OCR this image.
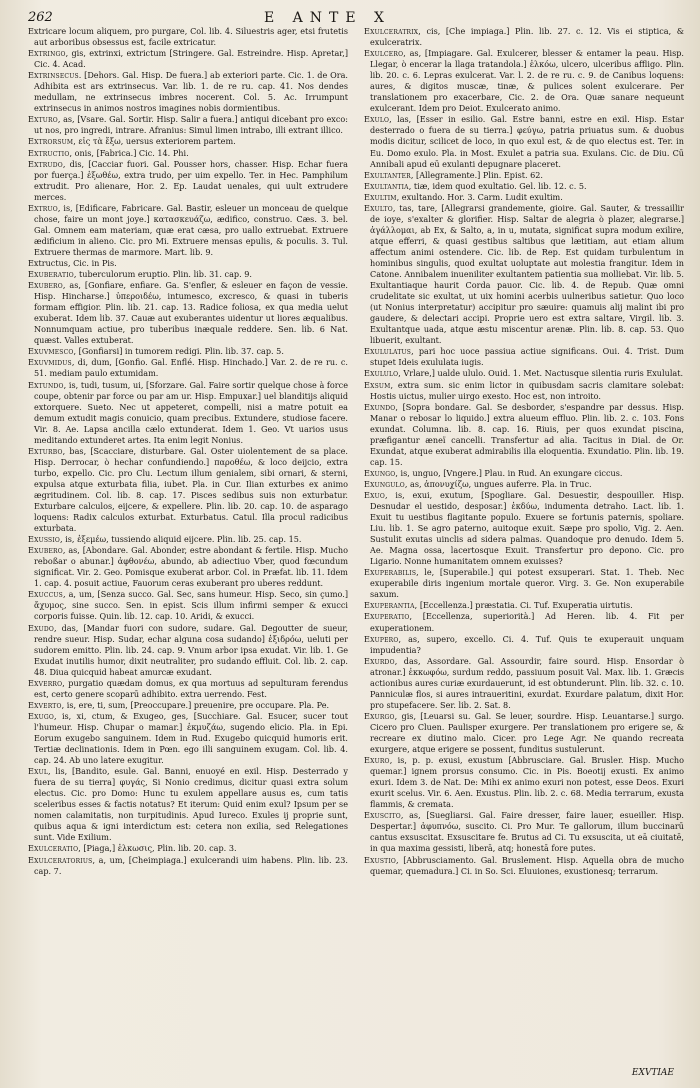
262	E ANTE X

Extricare locum aliquem, pro purgare, Col. lib. 4. Siluestris ager, etsi frutetis aut arboribus obsessus est, facile extricatur.

Extringo, gis, extrinxi, extrictum [Stringere. Gal. Estreindre. Hisp. Apretar,] Cic. 4. Acad.

Extrinsecus. [Dehors. Gal. Hisp. De fuera.] ab exteriori parte. Cic. 1. de Ora. Adhibita est ars extrinsecus. Var. lib. 1. de re ru. cap. 41. Nos dendes medullam, ne extrinsecus imbres nocerent. Col. 5. Ac. Irrumpunt extrinsecus in animos nostros imagines nobis dormientibus.

Exturo, as, [Vsare. Gal. Sortir. Hisp. Salir a fuera.] antiqui dicebant pro exco: ut nos, pro ingredi, intrare. Afranius: Simul limen intrabo, illi extrant illico.

Extrorsum, εἰς τὰ ἔξω, uersus exteriorem partem.

Extructio, onis, [Fabrica.] Cic. 14. Phi.

Extrudo, dis, [Cacciar fuori. Gal. Pousser hors, chasser. Hisp. Echar fuera por fuerça.] ἐξωθέω, extra trudo, per uim expello. Ter. in Hec. Pamphilum extrudit. Pro alienare, Hor. 2. Ep. Laudat uenales, qui uult extrudere merces.

Extruo, is, [Edificare, Fabricare. Gal. Bastir, esleuer un monceau de quelque chose, faire un mont joye.] κατασκευάζω, ædifico, construo. Cæs. 3. bel. Gal. Omnem eam materiam, quæ erat cæsa, pro uallo extruebat. Extruere ædificium in alieno. Cic. pro Mi. Extruere mensas epulis, & poculis. 3. Tul. Extruere thermas de marmore. Mart. lib. 9.

Extructus, Cic. in Pis.

Exuberatio, tuberculorum eruptio. Plin. lib. 31. cap. 9.

Exubero, as, [Gonfiare, enfiare. Ga. S'enfler, & esleuer en façon de vessie. Hisp. Hincharse.] ὑπεροιδέω, intumesco, excresco, & quasi in tuberis formam effigior. Plin. lib. 21. cap. 13. Radice foliosa, ex qua media uelut exuberat. Idem lib. 37. Cauæ aut exuberantes uidentur ut liores æqualibus. Nonnumquam actiue, pro tuberibus inæquale reddere. Sen. lib. 6 Nat. quæst. Valles extuberat.

Exuvmesco, [Gonfiarsi] in tumorem redigi. Plin. lib. 37. cap. 5.

Exuvmidus, di, dum, [Gonfio. Gal. Enflé. Hisp. Hinchado.] Var. 2. de re ru. c. 51. mediam paulo extumidam.

Extundo, is, tudi, tusum, ui, [Sforzare. Gal. Faire sortir quelque chose à force coupe, obtenir par force ou par am ur. Hisp. Empuxar.] uel blanditijs aliquid extorquere. Sueto. Nec ut appeteret, compelli, nisi a matre potuit ea demum extudit magis conuicio, quam precibus. Extundere, studiose facere. Vir. 8. Ae. Lapsa ancilla cælo extunderat. Idem 1. Geo. Vt uarios usus meditando extunderet artes. Ita enim legit Nonius.

Exturbo, bas, [Scacciare, disturbare. Gal. Oster uiolentement de sa place. Hisp. Derrocar, ò hechar confundiendo.] παροθέω, & loco deijcio, extra turbo, expello. Cic. pro Clu. Lectum illum genialem, sibi ornari, & sterni, expulsa atque exturbata filia, iubet. Pla. in Cur. Ilian exturbes ex animo ægritudinem. Col. lib. 8. cap. 17. Pisces sedibus suis non exturbatur. Exturbare calculos, eijcere, & expellere. Plin. lib. 20. cap. 10. de asparago loquens: Radix calculos exturbat. Exturbatus. Catul. Illa procul radicibus exturbata.

Exussio, is, ἐξεμέω, tussiendo aliquid eijcere. Plin. lib. 25. cap. 15.

Exubero, as, [Abondare. Gal. Abonder, estre abondant & fertile. Hisp. Mucho reboßar o abunar.] ἀφθονέω, abundo, ab adiectiuo Vber, quod fœcundum significat. Vir. 2. Geo. Pomisque exuberat arbor. Col. in Præfat. lib. 11. Idem 1. cap. 4. posuit actiue, Fauorum ceras exuberant pro uberes reddunt.

Exuccus, a, um, [Senza succo. Gal. Sec, sans humeur. Hisp. Seco, sin çumo.] ἄχυμος, sine succo. Sen. in epist. Scis illum infirmi semper & exucci corporis fuisse. Quin. lib. 12. cap. 10. Aridi, & exucci.

Exudo, das, [Mandar fuori con sudore, sudare. Gal. Degoutter de sueur, rendre sueur. Hisp. Sudar, echar alguna cosa sudando] ἐξιδρόω, ueluti per sudorem emitto. Plin. lib. 24. cap. 9. Vnum arbor ipsa exudat. Vir. lib. 1. Ge Exudat inutilis humor, dixit neutraliter, pro sudando effluit. Col. lib. 2. cap. 48. Diua quicquid habeat amurcæ exudant.

Exverro, purgatio quædam domus, ex qua mortuus ad sepulturam ferendus est, certo genere scoparū adhibito. extra uerrendo. Fest.

Exverto, is, ere, ti, sum, [Preoccupare.] preuenire, pre occupare. Pla. Pe.

Exugo, is, xi, ctum, & Exugeo, ges, [Succhiare. Gal. Esucer, sucer tout l'humeur. Hisp. Chupar o mamar.] ἐκμυζάω, sugendo elicio. Pla. in Epi. Eorum exugebo sanguinem. Idem in Rud. Exugebo quicquid humoris erit. Tertiæ declinationis. Idem in Pœn. ego illi sanguinem exugam. Col. lib. 4. cap. 24. Ab uno latere exugitur.

Exul, lis, [Bandito, esule. Gal. Banni, enuoyé en exil. Hisp. Desterrado y fuera de su tierra] φυγάς, Si Nonio credimus, dicitur quasi extra solum electus. Cic. pro Domo: Hunc tu exulem appellare ausus es, cum tatis sceleribus esses & factis notatus? Et iterum: Quid enim exul? Ipsum per se nomen calamitatis, non turpitudinis. Apud Iureco. Exules ij proprie sunt, quibus aqua & igni interdictum est: cetera non exilia, sed Relegationes sunt. Vide Exilium.

Exulceratio, [Piaga,] ἑλκωσις, Plin. lib. 20. cap. 3.

Exulceratorius, a, um, [Cheimpiaga.] exulcerandi uim habens. Plin. lib. 23. cap. 7.

Exulceratrix, cis, [Che impiaga.] Plin. lib. 27. c. 12. Vis ei stiptica, & exulceratrix.

Exulcero, as, [Impiagare. Gal. Exulcerer, blesser & entamer la peau. Hisp. Llegar, ò encerar la llaga tratandola.] ἑλκόω, ulcero, ulceribus affligo. Plin. lib. 20. c. 6. Lepras exulcerat. Var. l. 2. de re ru. c. 9. de Canibus loquens: aures, & digitos muscæ, tinæ, & pulices solent exulcerare. Per translationem pro exacerbare, Cic. 2. de Ora. Quæ sanare nequeunt exulcerant. Idem pro Deiot. Exulcerato animo.

Exulo, las, [Esser in esilio. Gal. Estre banni, estre en exil. Hisp. Estar desterrado o fuera de su tierra.] φεύγω, patria priuatus sum. & duobus modis dicitur, scilicet de loco, in quo exul est, & de quo electus est. Ter. in Eu. Domo exulo. Pla. in Most. Exulet a patria sua. Exulans. Cic. de Diu. Cū Annibali apud eū exulanti depugnare placeret.

Exultanter, [Allegramente.] Plin. Epist. 62.

Exultantia, tiæ, idem quod exultatio. Gel. lib. 12. c. 5.

Exultim, exultando. Hor. 3. Carm. Ludit exultim.

Exulto, tas, tare, [Allegrarsi grandemente, gioire. Gal. Sauter, & tressaillir de ioye, s'exalter & glorifier. Hisp. Saltar de alegria ò plazer, alegrarse.] ἀγάλλομαι, ab Ex, & Salto, a, in u, mutata, significat supra modum exilire, atque efferri, & quasi gestibus saltibus que lætitiam, aut etiam alium affectum animi ostendere. Cic. lib. de Rep. Est quidam turbulentum in hominibus singulis, quod exultat uoluptate aut molestia frangitur. Idem in Catone. Annibalem inueniliter exultantem patientia sua molliebat. Vir. lib. 5. Exultantiaque haurit Corda pauor. Cic. lib. 4. de Repub. Quæ omni crudelitate sic exultat, ut uix homini acerbis uulneribus satietur. Quo loco (ut Nonius interpretatur) accipitur pro sæuire: quamuis alij malint ibi pro gaudere, & delectari accipi. Proprie uero est extra saltare, Virgil. lib. 3. Exultantque uada, atque æstu miscentur arenæ. Plin. lib. 8. cap. 53. Quo libuerit, exultant.

Exululatus, pari hoc uoce passiua actiue significans. Oui. 4. Trist. Dum stupet Ideis exululata iugis.

Exululo, Vrlare,] ualde ululo. Ouid. 1. Met. Nactusque silentia ruris Exululat.

Exsum, extra sum. sic enim lictor in quibusdam sacris clamitare solebat: Hostis uictus, mulier uirgo exesto. Hoc est, non introito.

Exundo, [Sopra bondare. Gal. Se desborder, s'espandre par dessus. Hisp. Manar o rebosar lo liquido.] extra alueum effluo. Plin. lib. 2. c. 103. Fons exundat. Columna. lib. 8. cap. 16. Riuis, per quos exundat piscina, præfigantur æneï cancelli. Transfertur ad alia. Tacitus in Dial. de Or. Exundat, atque exuberat admirabilis illa eloquentia. Exundatio. Plin. lib. 19. cap. 15.

Exungo, is, unguo, [Vngere.] Plau. in Rud. An exungare ciccus.

Exungulo, as, ἀπονυχίζω, ungues auferre. Pla. in Truc.

Exuo, is, exui, exutum, [Spogliare. Gal. Desuestir, despouiller. Hisp. Desnudar el uestido, desposar.] ἐκδύω, indumenta detraho. Lact. lib. 1. Exuit tu uestibus flagitante populo. Exuere se fortunis paternis, spoliare. Liu. lib. 1. Se agro paterno, auitoque exuit. Sæpe pro spolio, Vig. 2. Aen. Sustulit exutas uinclis ad sidera palmas. Quandoque pro denudo. Idem 5. Ae. Magna ossa, lacertosque Exuit. Transfertur pro depono. Cic. pro Ligario. Nonne humanitatem omnem exuisses?

Exuperabilis, le, [Superabile.] qui potest exsuperari. Stat. 1. Theb. Nec exuperabile diris ingenium mortale queror. Virg. 3. Ge. Non exuperabile saxum.

Exuperantia, [Eccellenza.] præstatia. Ci. Tuf. Exuperatia uirtutis.

Exuperatio, [Eccellenza, superiorità.] Ad Heren. lib. 4. Fit per exuperationem.

Exupero, as, supero, excello. Ci. 4. Tuf. Quis te exuperauit unquam impudentia?

Exurdo, das, Assordare. Gal. Assourdir, faire sourd. Hisp. Ensordar ò atronar.] ἐκκωφόω, surdum reddo, passiuum posuit Val. Max. lib. 1. Græcis actionibus aures curiæ exurdauerunt, id est obtunderunt. Plin. lib. 32. c. 10. Panniculæ flos, si aures intraueritini, exurdat. Exurdare palatum, dixit Hor. pro stupefacere. Ser. lib. 2. Sat. 8.

Exurgo, gis, [Leuarsi su. Gal. Se leuer, sourdre. Hisp. Leuantarse.] surgo. Cicero pro Cluen. Paulisper exurgere. Per translationem pro erigere se, & recreare ex diutino malo. Cicer. pro Lege Agr. Ne quando recreata exurgere, atque erigere se possent, funditus sustulerunt.

Exuro, is, p. p. exusi, exustum [Abbrusciare. Gal. Brusler. Hisp. Mucho quemar.] ignem prorsus consumo. Cic. in Pis. Boeotij exusti. Ex animo exuri. Idem 3. de Nat. De: Mihi ex animo exuri non potest, esse Deos. Exuri exurit scelus. Vir. 6. Aen. Exustus. Plin. lib. 2. c. 68. Media terrarum, exusta flammis, & cremata.

Exuscito, as, [Suegliarsi. Gal. Faire dresser, faire lauer, esueiller. Hisp. Despertar.] ἀφυπνόω, suscito. Ci. Pro Mur. Te gallorum, illum buccinarū cantus exsuscitat. Exsuscitare fe. Brutus ad Ci. Tu exsuscita, ut eā ciuitatē, in qua maxima gessisti, liberā, atq; honestā fore putes.

Exustio, [Abbrusciamento. Gal. Bruslement. Hisp. Aquella obra de mucho quemar, quemadura.] Ci. in So. Sci. Eluuiones, exustionesq; terrarum.

EXVTIAE
